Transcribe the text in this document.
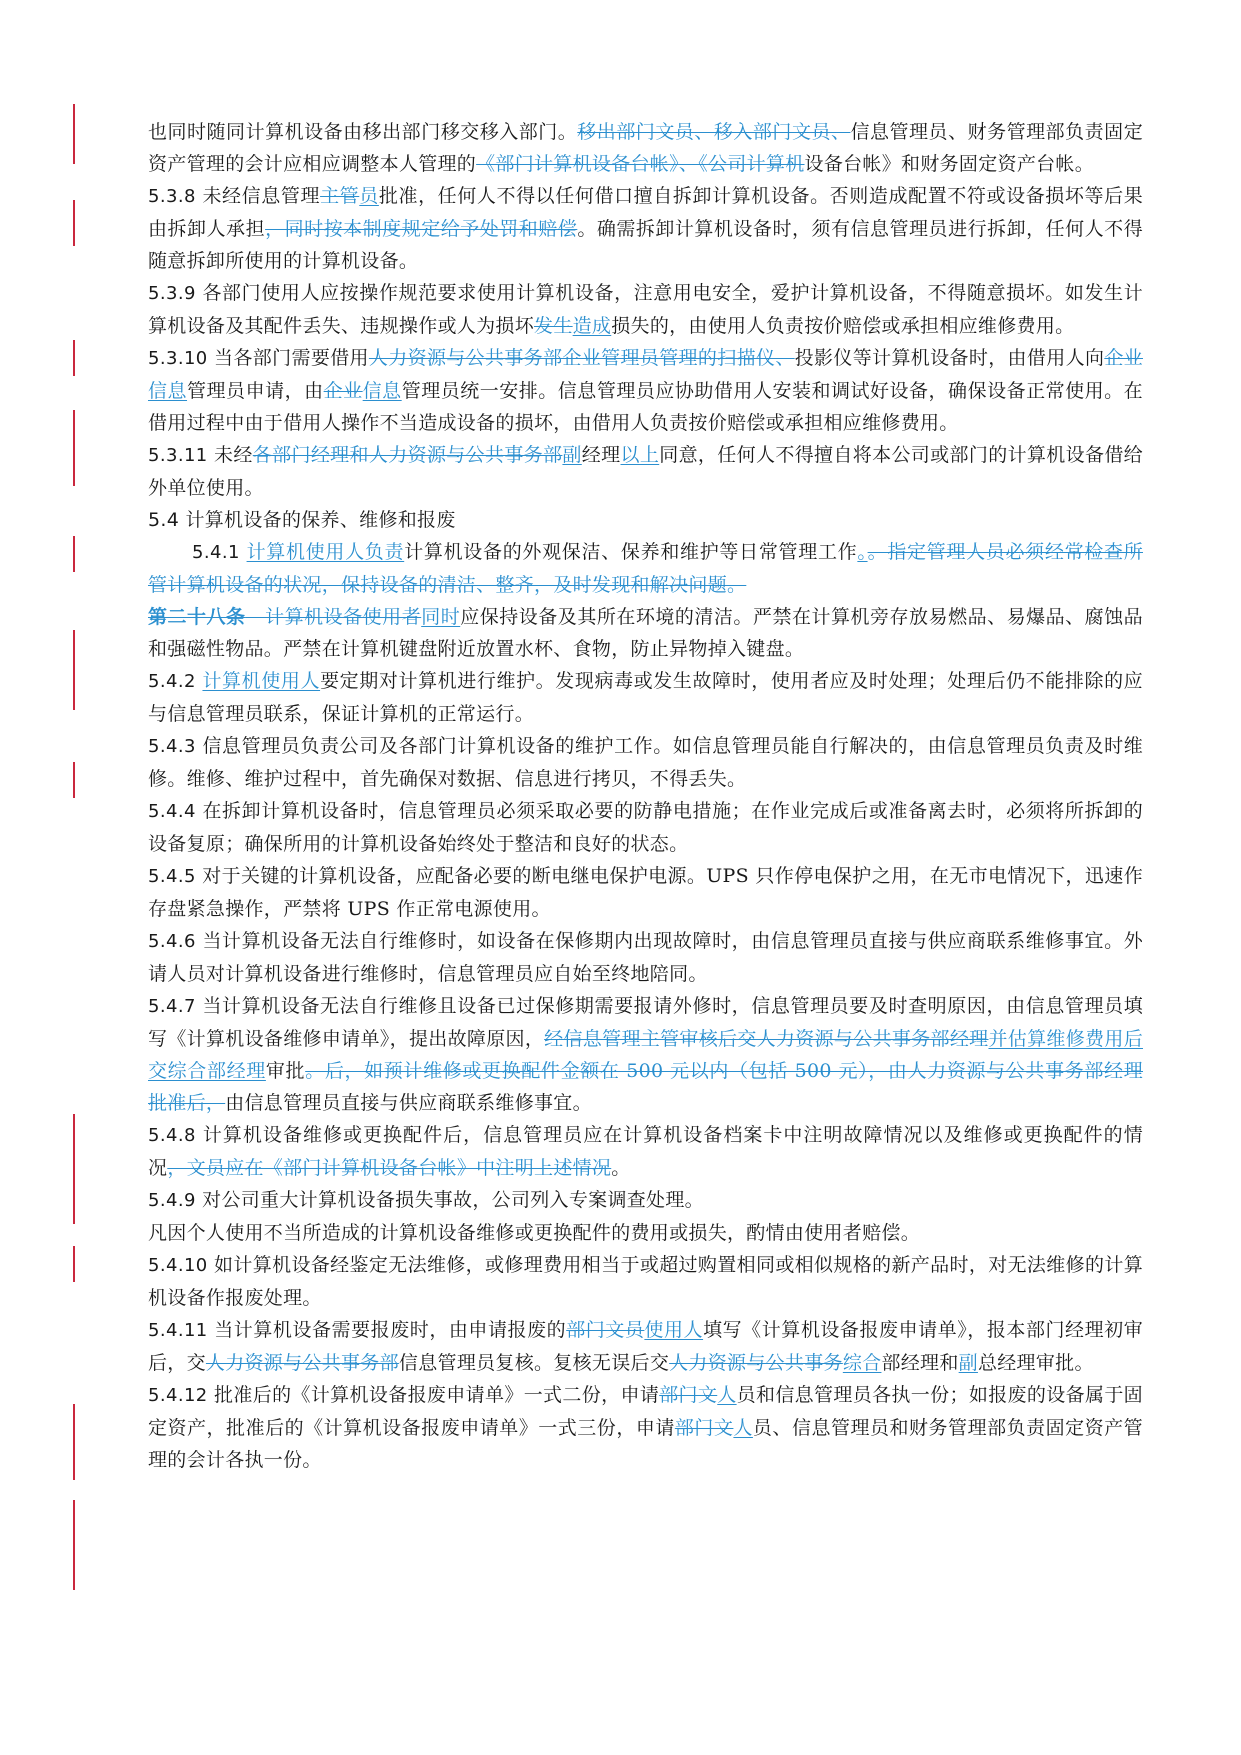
也同时随同计算机设备由移出部门移交移入部门。移出部门文员、移入部门文员、信息管理员、财务管理部负责固定资产管理的会计应相应调整本人管理的《部门计算机设备台帐》、《公司计算机设备台帐》和财务固定资产台帐。

5.3.8 未经信息管理主管员批准，任何人不得以任何借口擅自拆卸计算机设备。否则造成配置不符或设备损坏等后果由拆卸人承担，同时按本制度规定给予处罚和赔偿。确需拆卸计算机设备时，须有信息管理员进行拆卸，任何人不得随意拆卸所使用的计算机设备。

5.3.9 各部门使用人应按操作规范要求使用计算机设备，注意用电安全，爱护计算机设备，不得随意损坏。如发生计算机设备及其配件丢失、违规操作或人为损坏发生造成损失的，由使用人负责按价赔偿或承担相应维修费用。

5.3.10 当各部门需要借用人力资源与公共事务部企业管理员管理的扫描仪、投影仪等计算机设备时，由借用人向企业信息管理员申请，由企业信息管理员统一安排。信息管理员应协助借用人安装和调试好设备，确保设备正常使用。在借用过程中由于借用人操作不当造成设备的损坏，由借用人负责按价赔偿或承担相应维修费用。

5.3.11 未经各部门经理和人力资源与公共事务部副经理以上同意，任何人不得擅自将本公司或部门的计算机设备借给外单位使用。

5.4 计算机设备的保养、维修和报废

5.4.1 计算机使用人负责计算机设备的外观保洁、保养和维护等日常管理工作。。指定管理人员必须经常检查所管计算机设备的状况，保持设备的清洁、整齐，及时发现和解决问题。

第二十八条　计算机设备使用者同时应保持设备及其所在环境的清洁。严禁在计算机旁存放易燃品、易爆品、腐蚀品和强磁性物品。严禁在计算机键盘附近放置水杯、食物，防止异物掉入键盘。

5.4.2 计算机使用人要定期对计算机进行维护。发现病毒或发生故障时，使用者应及时处理；处理后仍不能排除的应与信息管理员联系，保证计算机的正常运行。

5.4.3 信息管理员负责公司及各部门计算机设备的维护工作。如信息管理员能自行解决的，由信息管理员负责及时维修。维修、维护过程中，首先确保对数据、信息进行拷贝，不得丢失。

5.4.4 在拆卸计算机设备时，信息管理员必须采取必要的防静电措施；在作业完成后或准备离去时，必须将所拆卸的设备复原；确保所用的计算机设备始终处于整洁和良好的状态。

5.4.5 对于关键的计算机设备，应配备必要的断电继电保护电源。UPS 只作停电保护之用，在无市电情况下，迅速作存盘紧急操作，严禁将 UPS 作正常电源使用。

5.4.6 当计算机设备无法自行维修时，如设备在保修期内出现故障时，由信息管理员直接与供应商联系维修事宜。外请人员对计算机设备进行维修时，信息管理员应自始至终地陪同。

5.4.7 当计算机设备无法自行维修且设备已过保修期需要报请外修时，信息管理员要及时查明原因，由信息管理员填写《计算机设备维修申请单》，提出故障原因，经信息管理主管审核后交人力资源与公共事务部经理并估算维修费用后交综合部经理审批。后，如预计维修或更换配件金额在 500 元以内（包括 500 元），由人力资源与公共事务部经理批准后，由信息管理员直接与供应商联系维修事宜。

5.4.8 计算机设备维修或更换配件后，信息管理员应在计算机设备档案卡中注明故障情况以及维修或更换配件的情况，文员应在《部门计算机设备台帐》中注明上述情况。

5.4.9 对公司重大计算机设备损失事故，公司列入专案调查处理。

凡因个人使用不当所造成的计算机设备维修或更换配件的费用或损失，酌情由使用者赔偿。

5.4.10 如计算机设备经鉴定无法维修，或修理费用相当于或超过购置相同或相似规格的新产品时，对无法维修的计算机设备作报废处理。

5.4.11 当计算机设备需要报废时，由申请报废的部门文员使用人填写《计算机设备报废申请单》，报本部门经理初审后，交人力资源与公共事务部信息管理员复核。复核无误后交人力资源与公共事务综合部经理和副总经理审批。

5.4.12 批准后的《计算机设备报废申请单》一式二份，申请部门文人员和信息管理员各执一份；如报废的设备属于固定资产，批准后的《计算机设备报废申请单》一式三份，申请部门文人员、信息管理员和财务管理部负责固定资产管理的会计各执一份。
